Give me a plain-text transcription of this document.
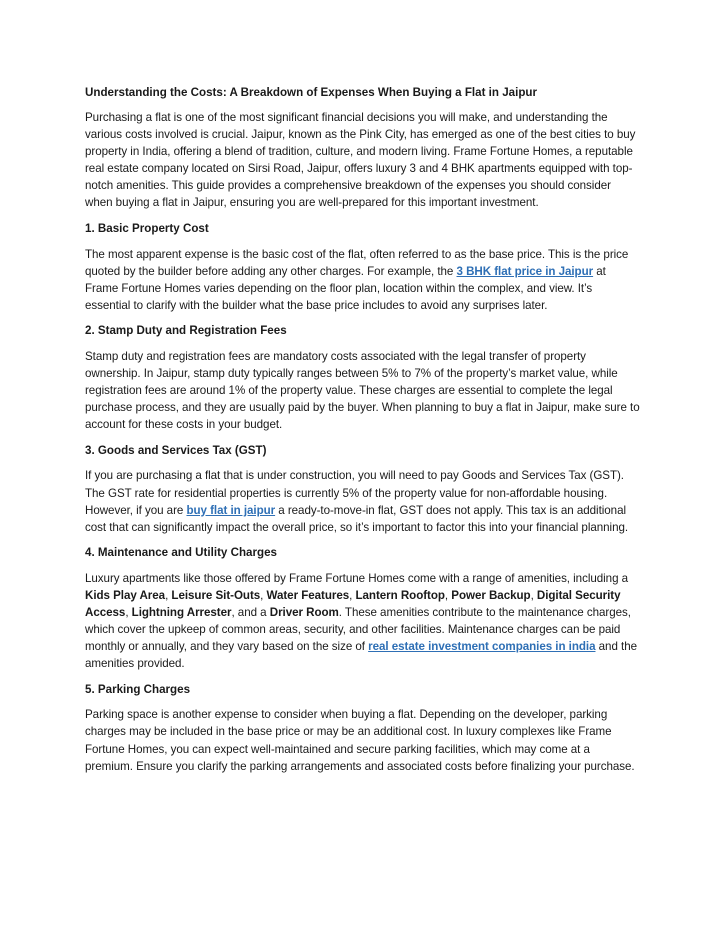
Understanding the Costs: A Breakdown of Expenses When Buying a Flat in Jaipur

Purchasing a flat is one of the most significant financial decisions you will make, and understanding the various costs involved is crucial. Jaipur, known as the Pink City, has emerged as one of the best cities to buy property in India, offering a blend of tradition, culture, and modern living. Frame Fortune Homes, a reputable real estate company located on Sirsi Road, Jaipur, offers luxury 3 and 4 BHK apartments equipped with top-notch amenities. This guide provides a comprehensive breakdown of the expenses you should consider when buying a flat in Jaipur, ensuring you are well-prepared for this important investment.

1. Basic Property Cost

The most apparent expense is the basic cost of the flat, often referred to as the base price. This is the price quoted by the builder before adding any other charges. For example, the 3 BHK flat price in Jaipur at Frame Fortune Homes varies depending on the floor plan, location within the complex, and view. It’s essential to clarify with the builder what the base price includes to avoid any surprises later.

2. Stamp Duty and Registration Fees

Stamp duty and registration fees are mandatory costs associated with the legal transfer of property ownership. In Jaipur, stamp duty typically ranges between 5% to 7% of the property’s market value, while registration fees are around 1% of the property value. These charges are essential to complete the legal purchase process, and they are usually paid by the buyer. When planning to buy a flat in Jaipur, make sure to account for these costs in your budget.

3. Goods and Services Tax (GST)

If you are purchasing a flat that is under construction, you will need to pay Goods and Services Tax (GST). The GST rate for residential properties is currently 5% of the property value for non-affordable housing. However, if you are buy flat in jaipur a ready-to-move-in flat, GST does not apply. This tax is an additional cost that can significantly impact the overall price, so it’s important to factor this into your financial planning.

4. Maintenance and Utility Charges

Luxury apartments like those offered by Frame Fortune Homes come with a range of amenities, including a Kids Play Area, Leisure Sit-Outs, Water Features, Lantern Rooftop, Power Backup, Digital Security Access, Lightning Arrester, and a Driver Room. These amenities contribute to the maintenance charges, which cover the upkeep of common areas, security, and other facilities. Maintenance charges can be paid monthly or annually, and they vary based on the size of real estate investment companies in india and the amenities provided.

5. Parking Charges

Parking space is another expense to consider when buying a flat. Depending on the developer, parking charges may be included in the base price or may be an additional cost. In luxury complexes like Frame Fortune Homes, you can expect well-maintained and secure parking facilities, which may come at a premium. Ensure you clarify the parking arrangements and associated costs before finalizing your purchase.
